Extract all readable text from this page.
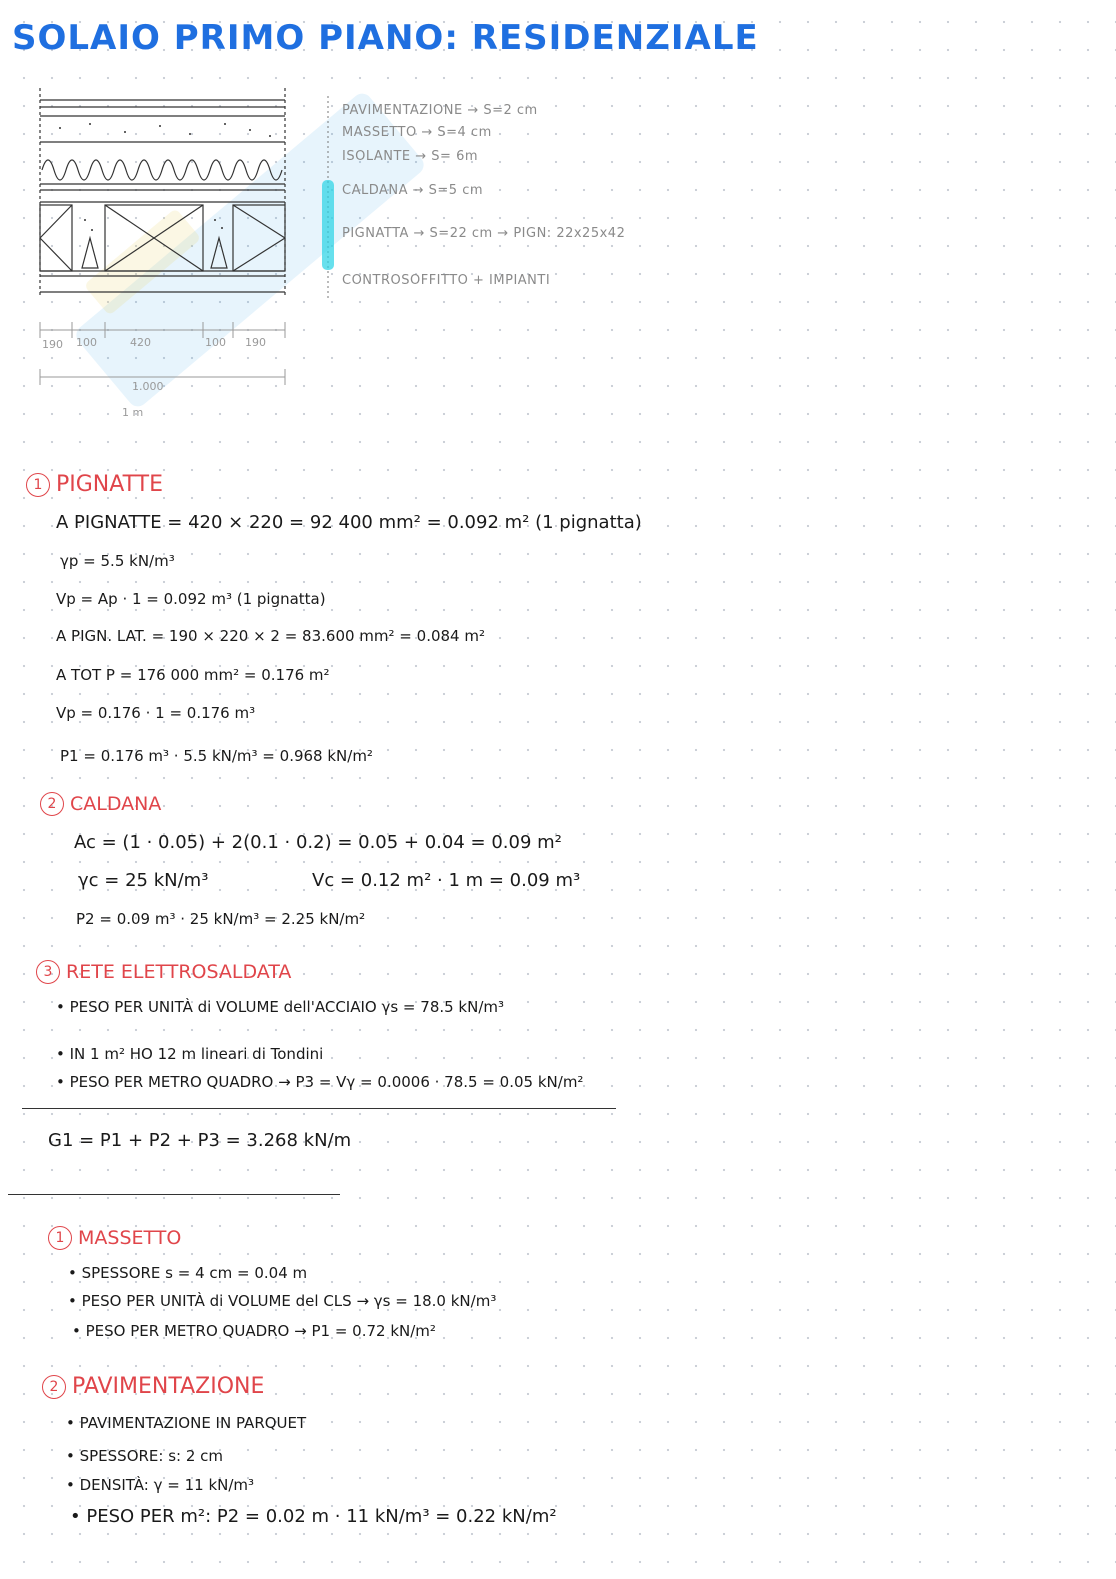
SOLAIO PRIMO PIANO: RESIDENZIALE
PAVIMENTAZIONE → S=2 cm
MASSETTO → S=4 cm
ISOLANTE → S= 6m
CALDANA → S=5 cm
PIGNATTA → S=22 cm → PIGN: 22x25x42
CONTROSOFFITTO + IMPIANTI
190 100	420	100 190
1.000
1 m
1 PIGNATTE
A PIGNATTE = 420 × 220 = 92 400 mm² = 0.092 m² (1 pignatta)
γp = 5.5 kN/m³
Vp = Ap · 1 = 0.092 m³ (1 pignatta)
A PIGN. LAT. = 190 × 220 × 2 = 83.600 mm² = 0.084 m²
A TOT P = 176 000 mm² = 0.176 m²
Vp = 0.176 · 1 = 0.176 m³
P1 = 0.176 m³ · 5.5 kN/m³ = 0.968 kN/m²
2 CALDANA
Ac = (1 · 0.05) + 2(0.1 · 0.2) = 0.05 + 0.04 = 0.09 m²
γc = 25 kN/m³	Vc = 0.12 m² · 1 m = 0.09 m³
P2 = 0.09 m³ · 25 kN/m³ = 2.25 kN/m²
3 RETE ELETTROSALDATA
• PESO PER UNITÀ di VOLUME dell'ACCIAIO γs = 78.5 kN/m³
• IN 1 m² HO 12 m lineari di Tondini
• PESO PER METRO QUADRO → P3 = Vγ = 0.0006 · 78.5 = 0.05 kN/m²
G1 = P1 + P2 + P3 = 3.268 kN/m
1 MASSETTO
• SPESSORE s = 4 cm = 0.04 m
• PESO PER UNITÀ di VOLUME del CLS → γs = 18.0 kN/m³
• PESO PER METRO QUADRO → P1 = 0.72 kN/m²
2 PAVIMENTAZIONE
• PAVIMENTAZIONE IN PARQUET
• SPESSORE: s: 2 cm
• DENSITÀ: γ = 11 kN/m³
• PESO PER m²: P2 = 0.02 m · 11 kN/m³ = 0.22 kN/m²
